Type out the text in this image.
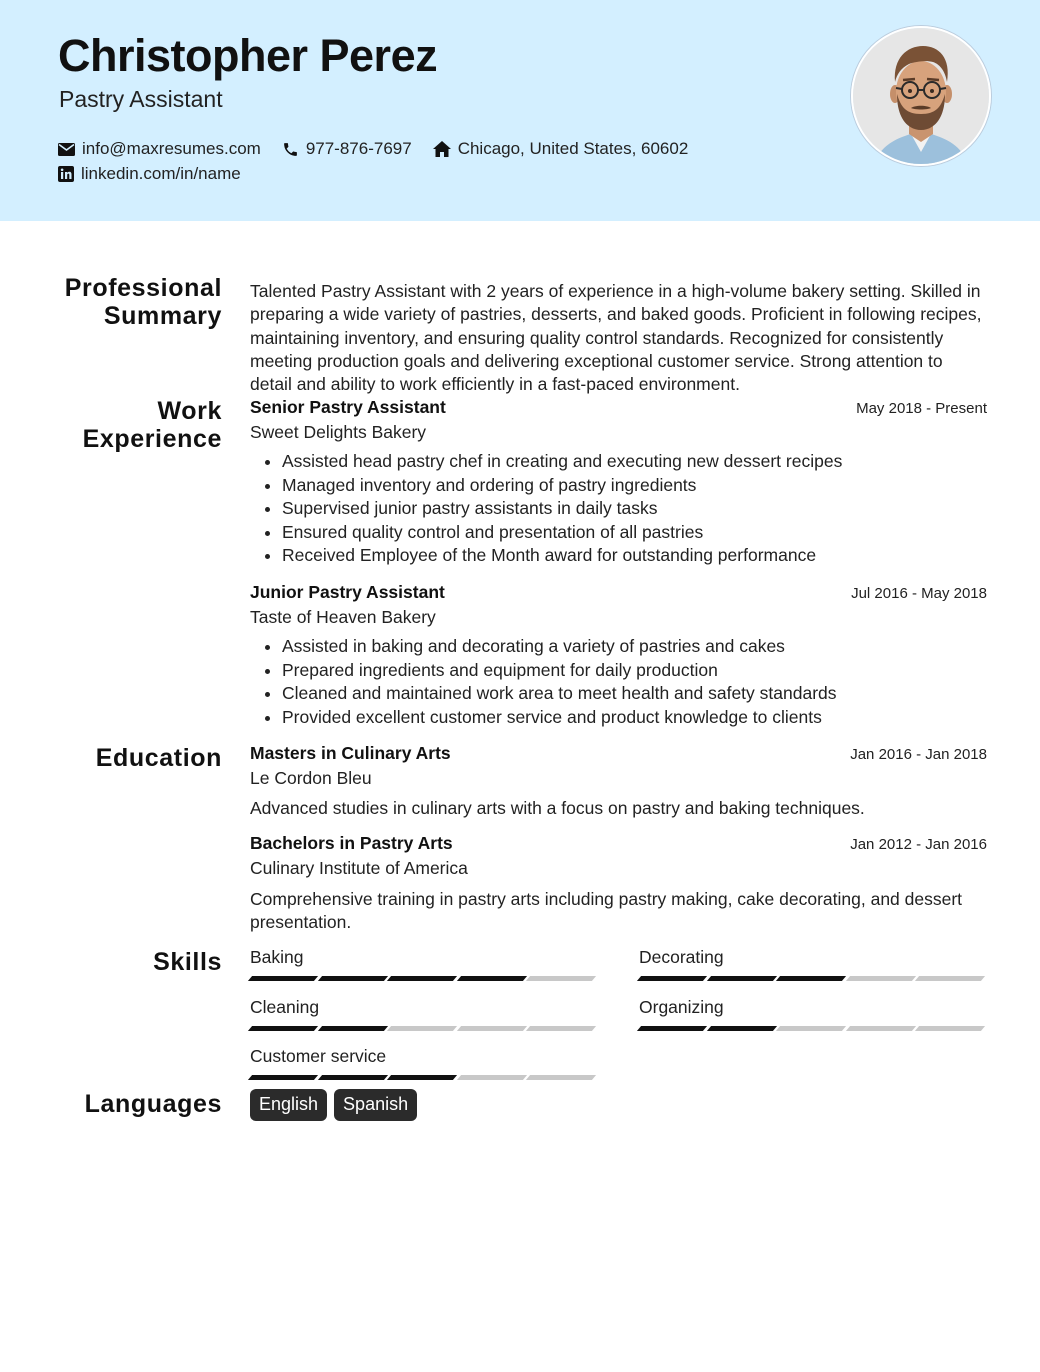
Christopher Perez
Pastry Assistant
info@maxresumes.com	977-876-7697	Chicago, United States, 60602
linkedin.com/in/name
Professional
Summary

Talented Pastry Assistant with 2 years of experience in a high-volume bakery setting. Skilled in preparing a wide variety of pastries, desserts, and baked goods. Proficient in following recipes, maintaining inventory, and ensuring quality control standards. Recognized for consistently meeting production goals and delivering exceptional customer service. Strong attention to detail and ability to work efficiently in a fast-paced environment.

Work
Experience
Senior Pastry Assistant	May 2018 - Present
Sweet Delights Bakery
• Assisted head pastry chef in creating and executing new dessert recipes
• Managed inventory and ordering of pastry ingredients
• Supervised junior pastry assistants in daily tasks
• Ensured quality control and presentation of all pastries
• Received Employee of the Month award for outstanding performance
Junior Pastry Assistant	Jul 2016 - May 2018
Taste of Heaven Bakery
• Assisted in baking and decorating a variety of pastries and cakes
• Prepared ingredients and equipment for daily production
• Cleaned and maintained work area to meet health and safety standards
• Provided excellent customer service and product knowledge to clients
Education Masters in Culinary Arts	Jan 2016 - Jan 2018
Le Cordon Bleu

Advanced studies in culinary arts with a focus on pastry and baking techniques.

Bachelors in Pastry Arts	Jan 2012 - Jan 2016
Culinary Institute of America

Comprehensive training in pastry arts including pastry making, cake decorating, and dessert presentation.

Skills Baking	Decorating
Cleaning	Organizing
Customer service
Languages	English Spanish
